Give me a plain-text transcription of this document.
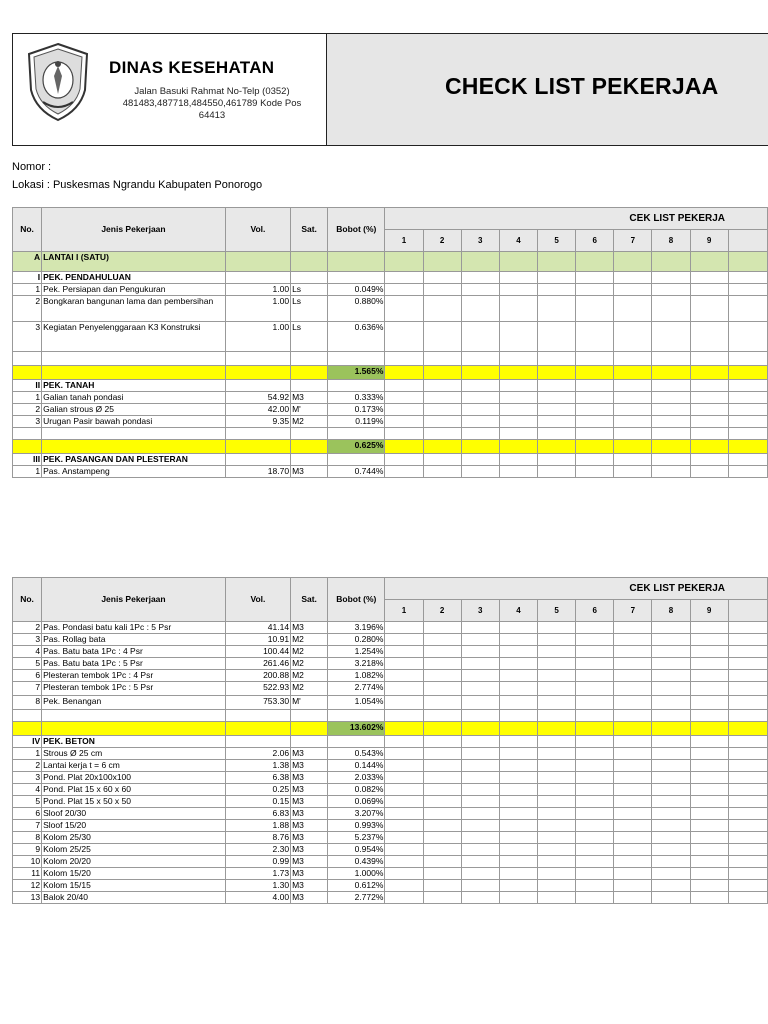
DINAS KESEHATAN
Jalan Basuki Rahmat No-Telp (0352) 481483,487718,484550,461789 Kode Pos 64413
CHECK LIST PEKERJAA
Nomor :
Lokasi : Puskesmas Ngrandu Kabupaten Ponorogo
No.	Jenis Pekerjaan	Vol.	Sat.	Bobot (%)	CEK LIST PEKERJA									
					1	2	3	4	5	6	7	8	9	
A	LANTAI I (SATU)													
I	PEK. PENDAHULUAN													
1	Pek. Persiapan dan Pengukuran	1.00	Ls	0.049%										
2	Bongkaran bangunan lama dan pembersihan	1.00	Ls	0.880%										
3	Kegiatan Penyelenggaraan K3 Konstruksi	1.00	Ls	0.636%										

				1.565%										
II	PEK. TANAH													
1	Galian tanah pondasi	54.92	M3	0.333%										
2	Galian strous Ø 25	42.00	M'	0.173%										
3	Urugan Pasir bawah pondasi	9.35	M2	0.119%										

				0.625%										
III	PEK. PASANGAN DAN PLESTERAN													
1	Pas. Anstampeng	18.70	M3	0.744%										
No.	Jenis Pekerjaan	Vol.	Sat.	Bobot (%)	CEK LIST PEKERJA									
					1	2	3	4	5	6	7	8	9	
2	Pas. Pondasi batu kali 1Pc : 5 Psr	41.14	M3	3.196%										
3	Pas. Rollag bata	10.91	M2	0.280%										
4	Pas. Batu bata 1Pc : 4 Psr	100.44	M2	1.254%										
5	Pas. Batu bata 1Pc : 5 Psr	261.46	M2	3.218%										
6	Plesteran tembok 1Pc : 4 Psr	200.88	M2	1.082%										
7	Plesteran tembok 1Pc : 5 Psr	522.93	M2	2.774%										
8	Pek. Benangan	753.30	M'	1.054%										

				13.602%										
IV	PEK. BETON													
1	Strous Ø 25 cm	2.06	M3	0.543%										
2	Lantai kerja t = 6 cm	1.38	M3	0.144%										
3	Pond. Plat 20x100x100	6.38	M3	2.033%										
4	Pond. Plat 15 x 60 x 60	0.25	M3	0.082%										
5	Pond. Plat 15 x 50 x 50	0.15	M3	0.069%										
6	Sloof 20/30	6.83	M3	3.207%										
7	Sloof 15/20	1.88	M3	0.993%										
8	Kolom 25/30	8.76	M3	5.237%										
9	Kolom 25/25	2.30	M3	0.954%										
10	Kolom 20/20	0.99	M3	0.439%										
11	Kolom 15/20	1.73	M3	1.000%										
12	Kolom 15/15	1.30	M3	0.612%										
13	Balok 20/40	4.00	M3	2.772%										
